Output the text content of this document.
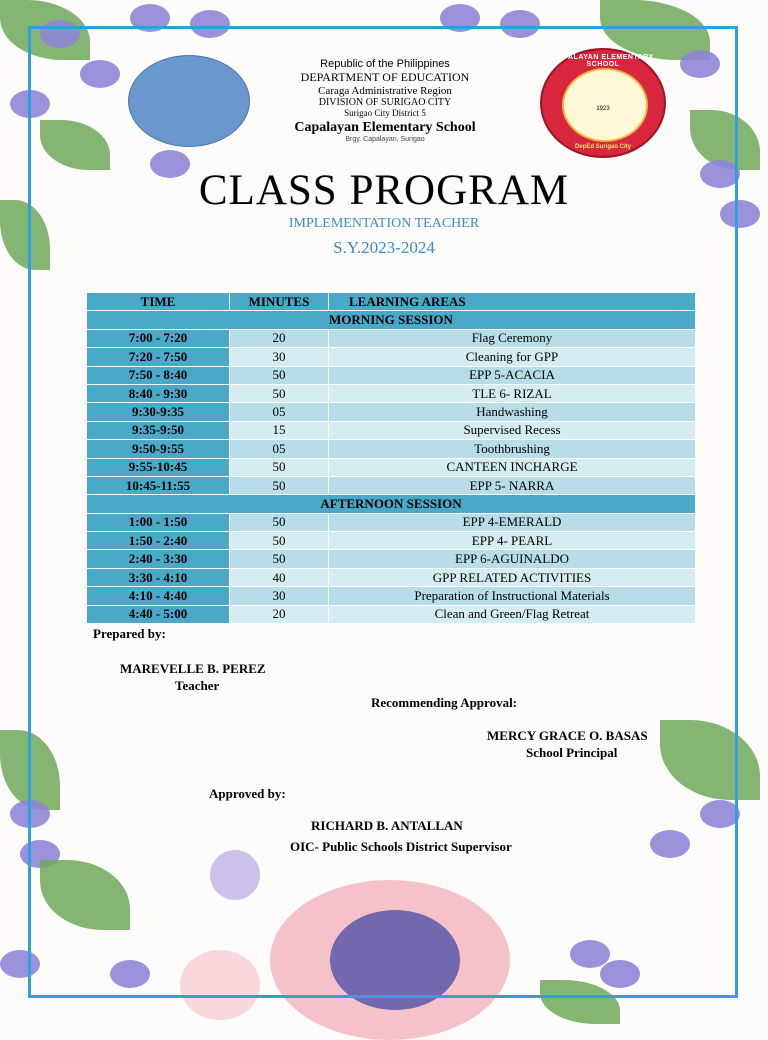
Republic of the Philippines
DEPARTMENT OF EDUCATION
Caraga Administrative Region
DIVISION OF SURIGAO CITY
Surigao City District 5
Capalayan Elementary School
Brgy. Capalayan, Surigao
CAPALAYAN ELEMENTARY SCHOOL
1923
DepEd Surigao City
CLASS PROGRAM
IMPLEMENTATION TEACHER
S.Y.2023-2024
TIME	MINUTES	LEARNING AREAS
MORNING SESSION		
7:00 - 7:20	20	Flag Ceremony
7:20 - 7:50	30	Cleaning for GPP
7:50 - 8:40	50	EPP 5-ACACIA
8:40 - 9:30	50	TLE 6- RIZAL
9:30-9:35	05	Handwashing
9:35-9:50	15	Supervised Recess
9:50-9:55	05	Toothbrushing
9:55-10:45	50	CANTEEN INCHARGE
10:45-11:55	50	EPP 5- NARRA
AFTERNOON SESSION		
1:00 - 1:50	50	EPP 4-EMERALD
1:50 - 2:40	50	EPP 4- PEARL
2:40 - 3:30	50	EPP 6-AGUINALDO
3:30 - 4:10	40	GPP RELATED ACTIVITIES
4:10 - 4:40	30	Preparation of Instructional Materials
4:40 - 5:00	20	Clean and Green/Flag Retreat
Prepared by:
MAREVELLE B. PEREZ
Teacher
Recommending Approval:
MERCY GRACE O. BASAS
School Principal
Approved by:
RICHARD B. ANTALLAN
OIC- Public Schools District Supervisor
